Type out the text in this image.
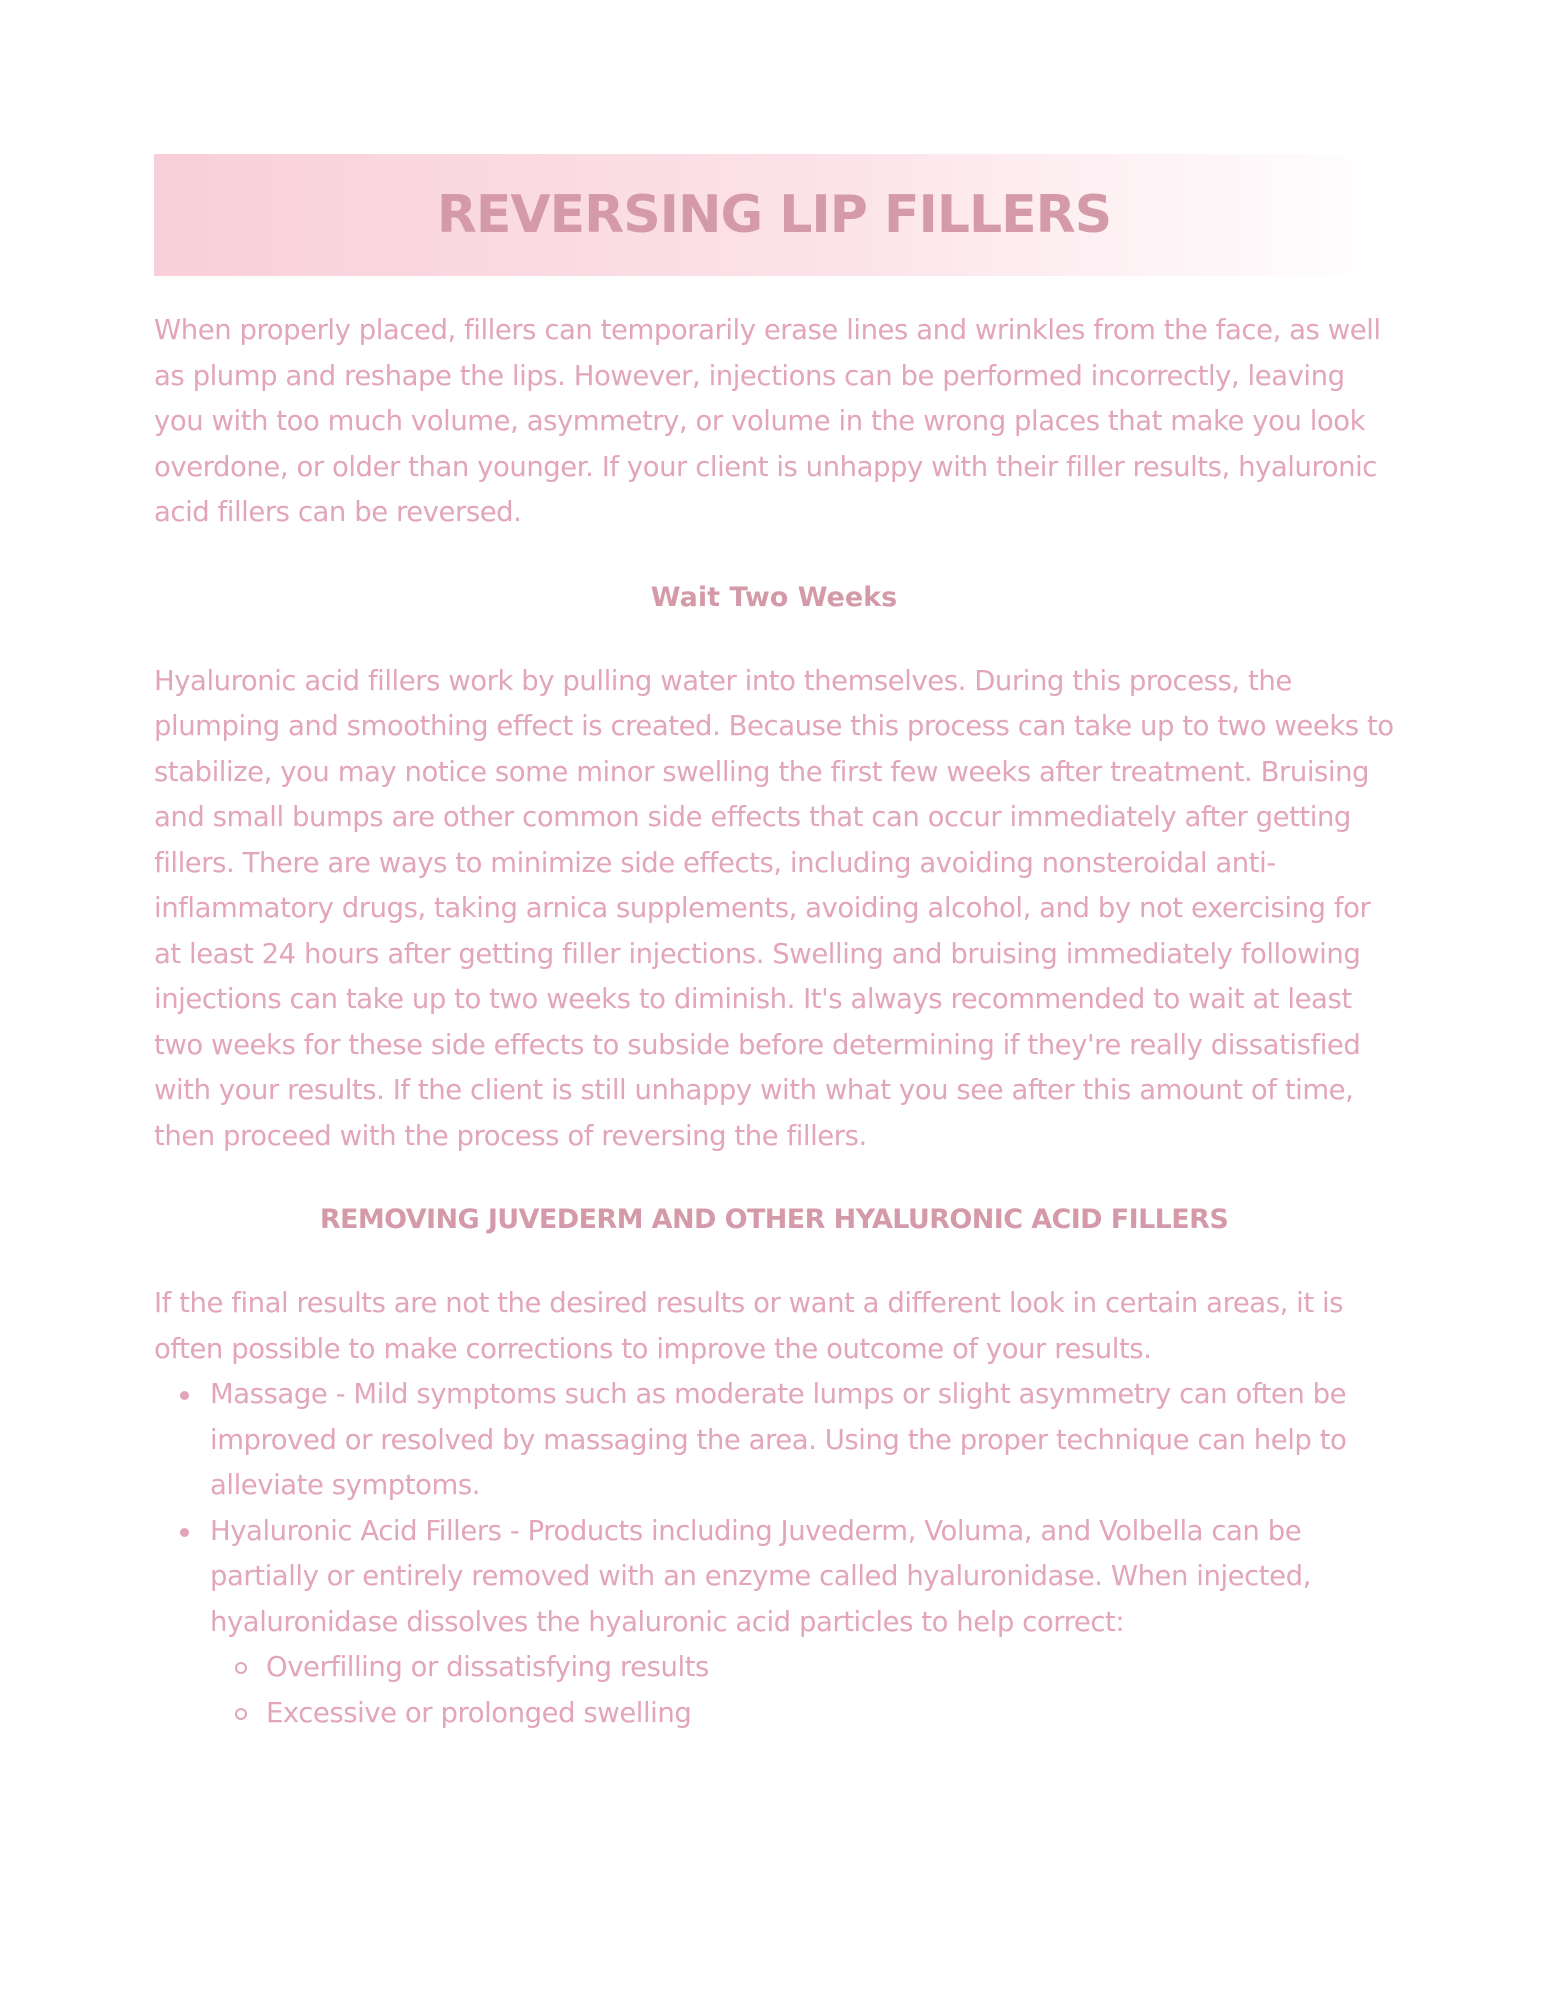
REVERSING LIP FILLERS

When properly placed, fillers can temporarily erase lines and wrinkles from the face, as well as plump and reshape the lips. However, injections can be performed incorrectly, leaving you with too much volume, asymmetry, or volume in the wrong places that make you look overdone, or older than younger. If your client is unhappy with their filler results, hyaluronic acid fillers can be reversed.

Wait Two Weeks

Hyaluronic acid fillers work by pulling water into themselves. During this process, the plumping and smoothing effect is created. Because this process can take up to two weeks to stabilize, you may notice some minor swelling the first few weeks after treatment. Bruising and small bumps are other common side effects that can occur immediately after getting fillers. There are ways to minimize side effects, including avoiding nonsteroidal anti-inflammatory drugs, taking arnica supplements, avoiding alcohol, and by not exercising for at least 24 hours after getting filler injections. Swelling and bruising immediately following injections can take up to two weeks to diminish. It's always recommended to wait at least two weeks for these side effects to subside before determining if they're really dissatisfied with your results. If the client is still unhappy with what you see after this amount of time, then proceed with the process of reversing the fillers.

REMOVING JUVEDERM AND OTHER HYALURONIC ACID FILLERS

If the final results are not the desired results or want a different look in certain areas, it is often possible to make corrections to improve the outcome of your results.

Massage - Mild symptoms such as moderate lumps or slight asymmetry can often be improved or resolved by massaging the area. Using the proper technique can help to alleviate symptoms.
Hyaluronic Acid Fillers - Products including Juvederm, Voluma, and Volbella can be partially or entirely removed with an enzyme called hyaluronidase. When injected, hyaluronidase dissolves the hyaluronic acid particles to help correct:
Overfilling or dissatisfying results
Excessive or prolonged swelling
